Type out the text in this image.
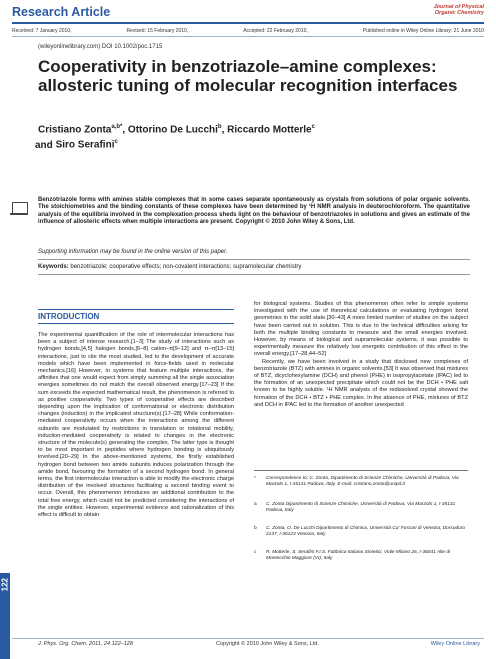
Research Article	Journal of Physical
Organic Chemistry
Received: 7 January 2010,	Revised: 15 February 2010,	Accepted: 22 February 2010,	Published online in Wiley Online Library: 21 June 2010
(wileyonlinelibrary.com) DOI 10.1002/poc.1715
Cooperativity in benzotriazole–amine complexes: allosteric tuning of molecular recognition interfaces
Cristiano Zonta$^{a,b*}$, Ottorino De Lucchi$^b$, Riccardo Motterle$^c$
and Siro Serafini$^c$
Benzotriazole forms with amines stable complexes that in some cases separate spontaneously as crystals from solutions of polar organic solvents. The stoichiometries and the binding constants of these complexes have been determined by ¹H NMR analysis in deuterochloroform. The quantitative analysis of the equilibria involved in the complexation process sheds light on the behaviour of benzotriazoles in solutions and gives an estimate of the influence of allosteric effects when multiple interactions are present. Copyright © 2010 John Wiley & Sons, Ltd.
Supporting information may be found in the online version of this paper.
Keywords: benzotriazole; cooperative effects; non-covalent interactions; supramolecular chemistry
INTRODUCTION

The experimental quantification of the role of intermolecular interactions has been a subject of intense research.[1–3] The study of interactions such as hydrogen bonds,[4,5] halogen bonds,[6–8] cation–π[9–12] and π–π[13–15] interactions, just to cite the most studied, led to the development of accurate models which have been implemented in force-fields used in molecular mechanics.[16] However, in systems that feature multiple interactions, the affinities that one would expect from simply summing all the single association energies sometimes do not match the overall observed energy.[17–23] If the sum exceeds the expected mathematical result, the phenomenon is referred to as positive cooperativity. Two types of cooperative effects are described depending upon the implication of conformational or electronic distribution changes (induction) in the implicated structure(s).[17–28] While conformation-mediated cooperativity occurs when the interactions among the different subunits are modulated by restrictions in translation or rotational mobility, induction-mediated cooperativity is related to changes in the electronic structure of the molecule(s) generating the complex. The latter type is thought to be most important in peptides where hydrogen bonding is ubiquitously involved.[20–29] In the above-mentioned systems, the firstly established hydrogen bond between two amide subunits induces polarization through the amide bond, favouring the formation of a second hydrogen bond. In general terms, the first intermolecular interaction is able to modify the electronic charge distribution of the involved structures facilitating a second binding event to occur. Overall, this phenomenon introduces an additional contribution to the total free energy, which could not be predicted considering the interactions of the single entities. However, experimental evidence and rationalization of this effect is difficult to obtain

for biological systems. Studies of this phenomenon often refer to simple systems investigated with the use of theoretical calculations or evaluating hydrogen bond geometries in the solid state.[30–43] A more limited number of studies on the subject have been carried out in solution. This is due to the technical difficulties arising for both the multiple binding constants to measure and the small energies involved. However, by means of biological and supramolecular systems, it was possible to experimentally measure the relatively low energetic contribution of this effect in the overall energy.[17–28,44–52]

Recently, we have been involved in a study that disclosed new complexes of benzotriazole (BTZ) with amines in organic solvents.[53] It was observed that mixtures of BTZ, dicyclohexylamine (DCH) and phenol (PHE) in isopropylacetate (IPAC) led to the formation of an unexpected precipitate which could not be the DCH • PHE salt known to be highly soluble. ¹H NMR analysis of the redissolved crystal showed the formation of the DCH • BTZ • PHE complex. In the absence of PHE, mixtures of BTZ and DCH in IPAC led to the formation of another unexpected

* Correspondence to: C. Zonta, Dipartimento di Scienze Chimiche, Università di Padova, Via Marzolo 1, I-35131 Padova, Italy. E-mail: cristiano.zonta@unipd.it
a C. Zonta Dipartimento di Scienze Chimiche, Università di Padova, Via Marzolo 1, I-35131 Padova, Italy
b C. Zonta, O. De Lucchi Dipartimento di Chimica, Università Ca' Foscari di Venezia, Dorsoduro 2137, I-30123 Venezia, Italy
c R. Motterle, S. Serafini F.I.S. Fabbrica Italiana Sintetici, Viale Milano 26, I-36041 Alte di Montecchio Maggiore (VI), Italy
122
J. Phys. Org. Chem. 2011, 24 122–128	Copyright © 2010 John Wiley & Sons, Ltd.	Wiley Online Library
